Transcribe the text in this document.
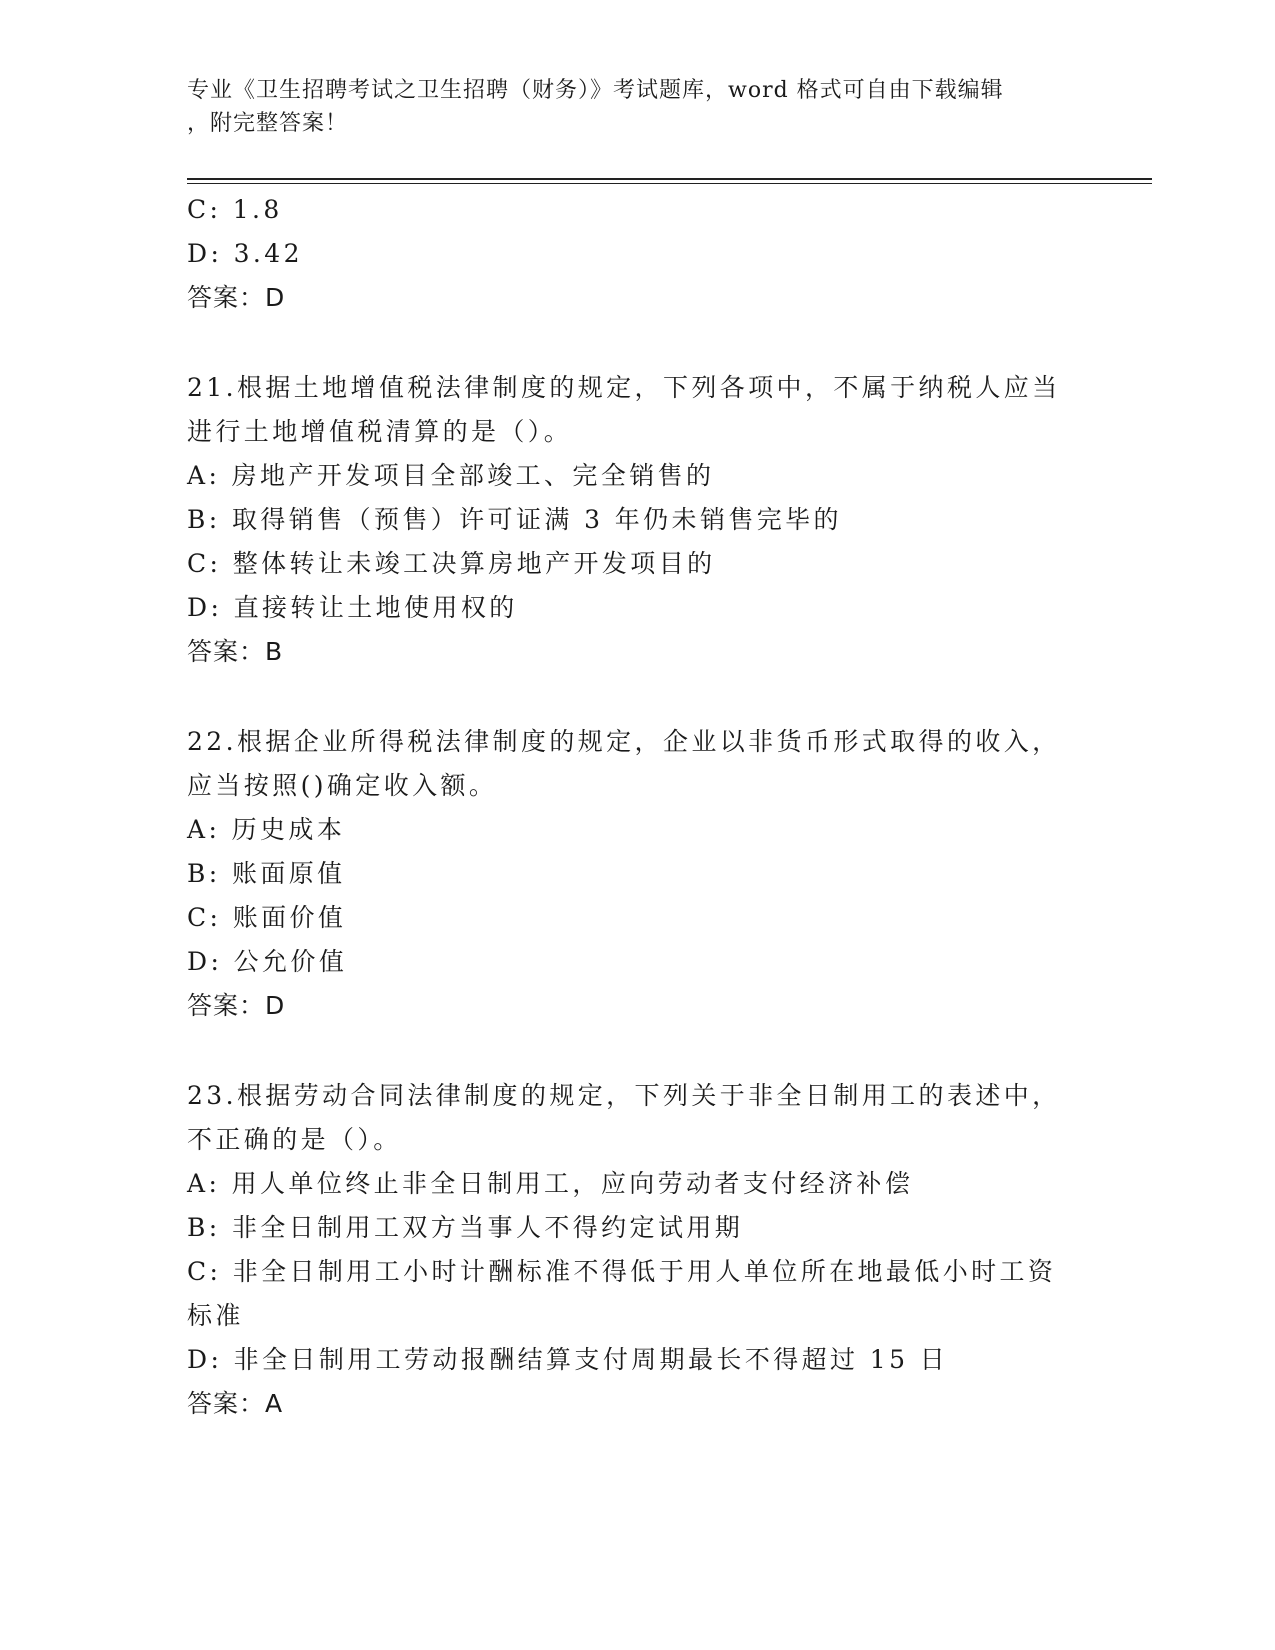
专业《卫生招聘考试之卫生招聘（财务）》考试题库，word 格式可自由下载编辑
，附完整答案！
C: 1.8
D: 3.42
答案：D
21.根据土地增值税法律制度的规定，下列各项中，不属于纳税人应当
进行土地增值税清算的是（）。
A: 房地产开发项目全部竣工、完全销售的
B: 取得销售（预售）许可证满 3 年仍未销售完毕的
C: 整体转让未竣工决算房地产开发项目的
D: 直接转让土地使用权的
答案：B
22.根据企业所得税法律制度的规定，企业以非货币形式取得的收入，
应当按照()确定收入额。
A: 历史成本
B: 账面原值
C: 账面价值
D: 公允价值
答案：D
23.根据劳动合同法律制度的规定，下列关于非全日制用工的表述中，
不正确的是（）。
A: 用人单位终止非全日制用工，应向劳动者支付经济补偿
B: 非全日制用工双方当事人不得约定试用期
C: 非全日制用工小时计酬标准不得低于用人单位所在地最低小时工资
标准
D: 非全日制用工劳动报酬结算支付周期最长不得超过 15 日
答案：A
